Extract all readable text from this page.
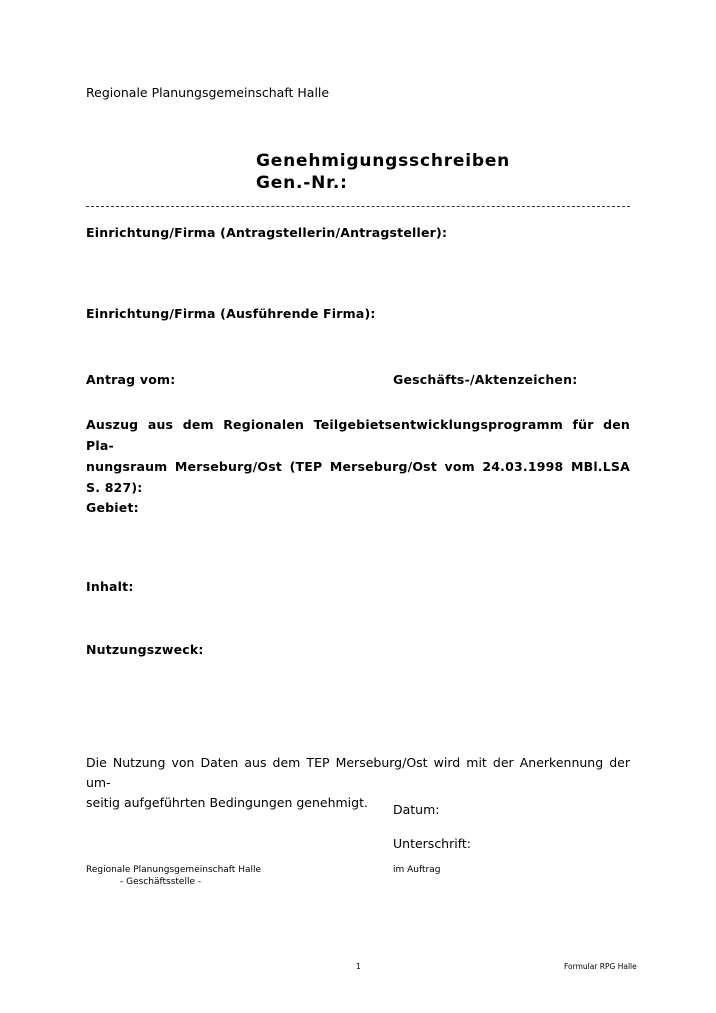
Regionale Planungsgemeinschaft Halle
Genehmigungsschreiben
Gen.-Nr.:
Einrichtung/Firma (Antragstellerin/Antragsteller):
Einrichtung/Firma (Ausführende Firma):
Antrag vom:	Geschäfts-/Aktenzeichen:
Auszug aus dem Regionalen Teilgebietsentwicklungsprogramm für den Pla-
nungsraum Merseburg/Ost (TEP Merseburg/Ost vom 24.03.1998 MBl.LSA S. 827):
Gebiet:
Inhalt:
Nutzungszweck:
Die Nutzung von Daten aus dem TEP Merseburg/Ost wird mit der Anerkennung der um-
seitig aufgeführten Bedingungen genehmigt.	Datum:
Unterschrift:
Regionale Planungsgemeinschaft Halle
- Geschäftsstelle -
im Auftrag
1	Formular RPG Halle
